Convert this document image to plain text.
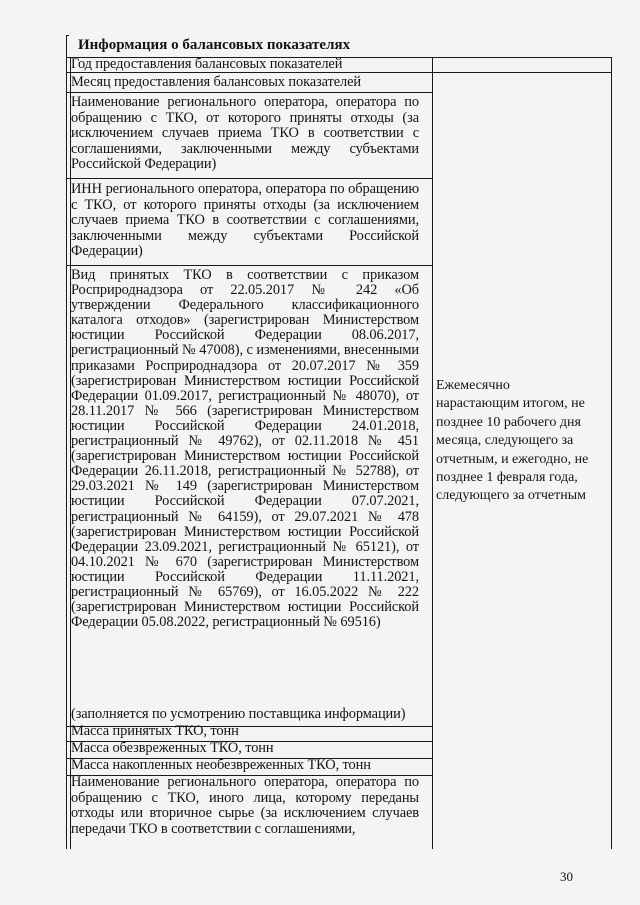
Информация о балансовых показателях
Год предоставления балансовых показателей
Месяц предоставления балансовых показателей
Наименование регионального оператора, оператора по обращению с ТКО, от которого приняты отходы (за исключением случаев приема ТКО в соответствии с соглашениями, заключенными между субъектами Российской Федерации)
ИНН регионального оператора, оператора по обращению с ТКО, от которого приняты отходы (за исключением случаев приема ТКО в соответствии с соглашениями, заключенными между субъектами Российской Федерации)
Вид принятых ТКО в соответствии с приказом Росприроднадзора от 22.05.2017 № 242 «Об утверждении Федерального классификационного каталога отходов» (зарегистрирован Министерством юстиции Российской Федерации 08.06.2017, регистрационный № 47008), с изменениями, внесенными приказами Росприроднадзора от 20.07.2017 № 359 (зарегистрирован Министерством юстиции Российской Федерации 01.09.2017, регистрационный № 48070), от 28.11.2017 № 566 (зарегистрирован Министерством юстиции Российской Федерации 24.01.2018, регистрационный № 49762), от 02.11.2018 № 451 (зарегистрирован Министерством юстиции Российской Федерации 26.11.2018, регистрационный № 52788), от 29.03.2021 № 149 (зарегистрирован Министерством юстиции Российской Федерации 07.07.2021, регистрационный № 64159), от 29.07.2021 № 478 (зарегистрирован Министерством юстиции Российской Федерации 23.09.2021, регистрационный № 65121), от 04.10.2021 № 670 (зарегистрирован Министерством юстиции Российской Федерации 11.11.2021, регистрационный № 65769), от 16.05.2022 № 222 (зарегистрирован Министерством юстиции Российской Федерации 05.08.2022, регистрационный № 69516)
(заполняется по усмотрению поставщика информации)
Масса принятых ТКО, тонн
Масса обезвреженных ТКО, тонн
Масса накопленных необезвреженных ТКО, тонн
Наименование регионального оператора, оператора по обращению с ТКО, иного лица, которому переданы отходы или вторичное сырье (за исключением случаев передачи ТКО в соответствии с соглашениями,
Ежемесячно нарастающим итогом, не позднее 10 рабочего дня месяца, следующего за отчетным, и ежегодно, не позднее 1 февраля года, следующего за отчетным
30
